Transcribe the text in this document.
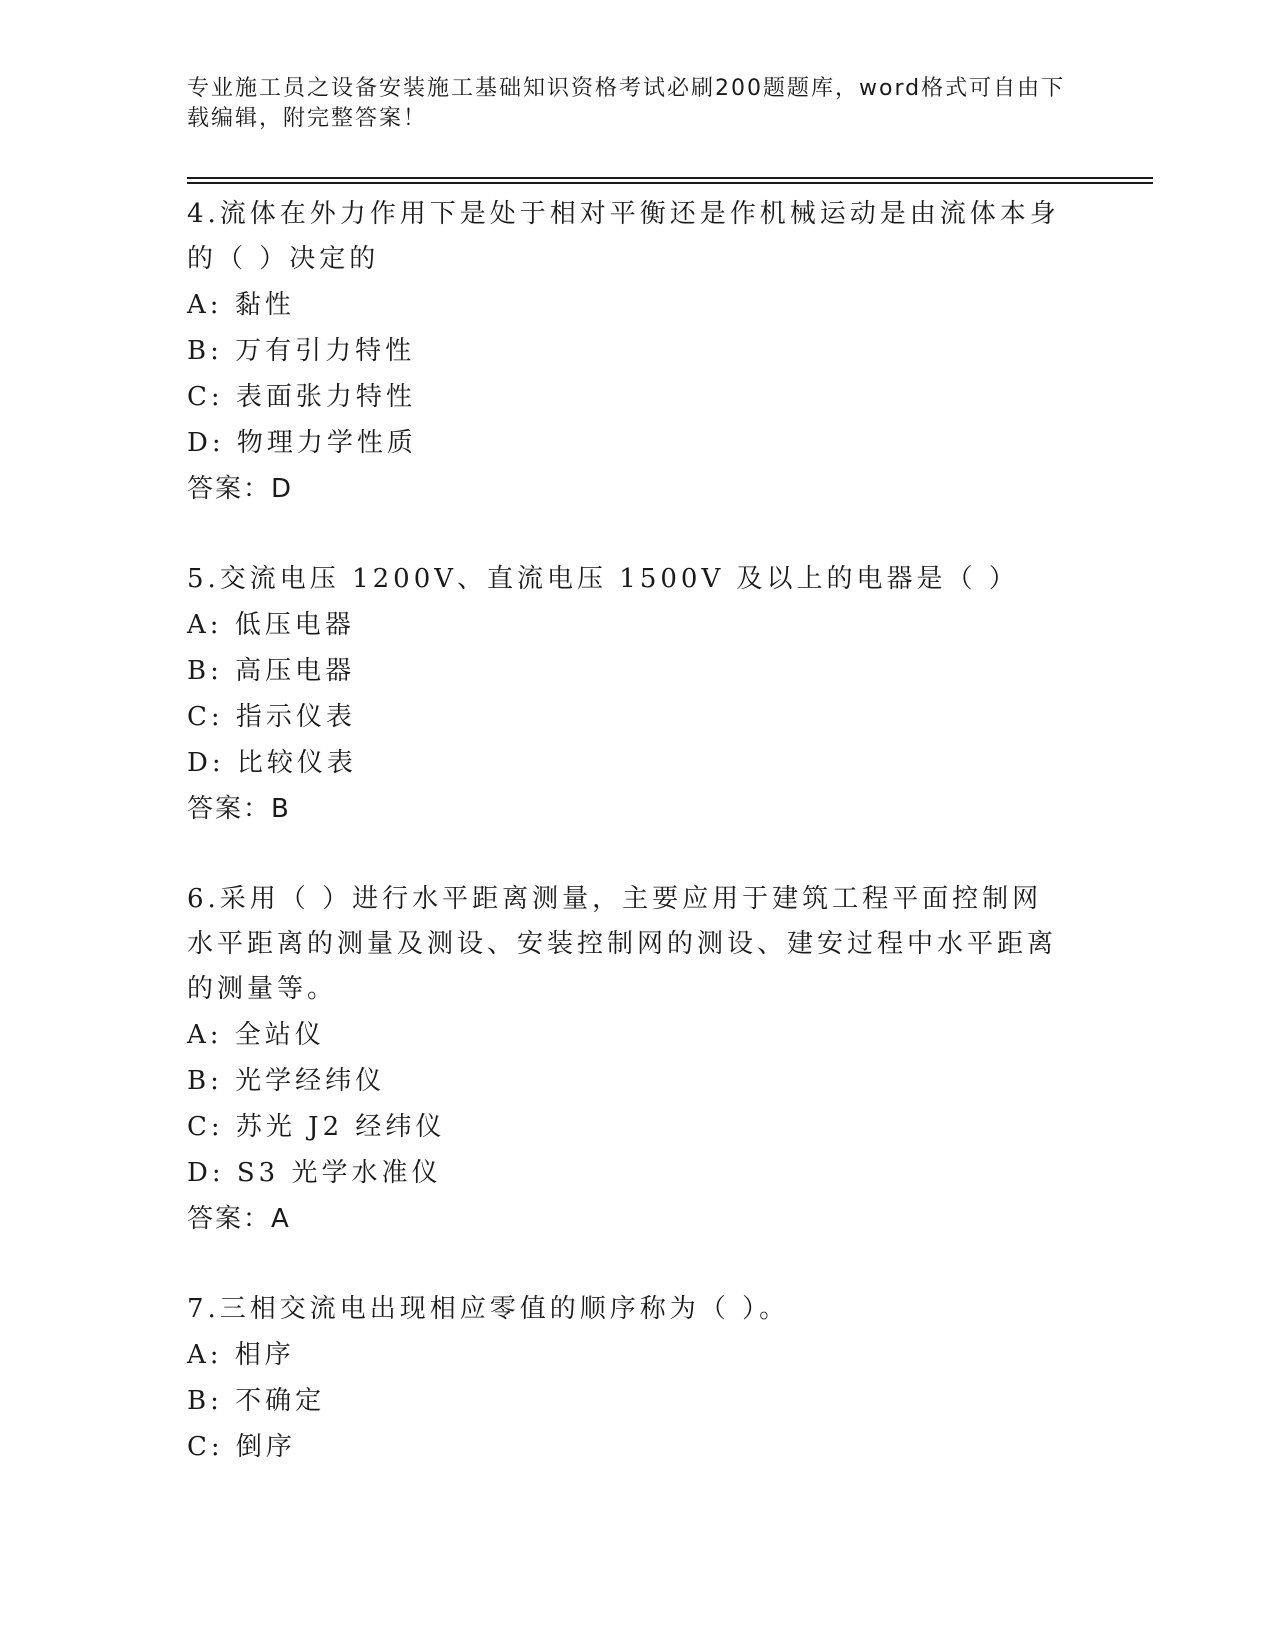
专业施工员之设备安装施工基础知识资格考试必刷200题题库，word格式可自由下载编辑，附完整答案！

4.流体在外力作用下是处于相对平衡还是作机械运动是由流体本身的（ ）决定的

A: 黏性

B: 万有引力特性

C: 表面张力特性

D: 物理力学性质

答案：D

5.交流电压 1200V、直流电压 1500V 及以上的电器是（ ）

A: 低压电器

B: 高压电器

C: 指示仪表

D: 比较仪表

答案：B

6.采用（ ）进行水平距离测量，主要应用于建筑工程平面控制网水平距离的测量及测设、安装控制网的测设、建安过程中水平距离的测量等。

A: 全站仪

B: 光学经纬仪

C: 苏光 J2 经纬仪

D: S3 光学水准仪

答案：A

7.三相交流电出现相应零值的顺序称为（ ）。

A: 相序

B: 不确定

C: 倒序
